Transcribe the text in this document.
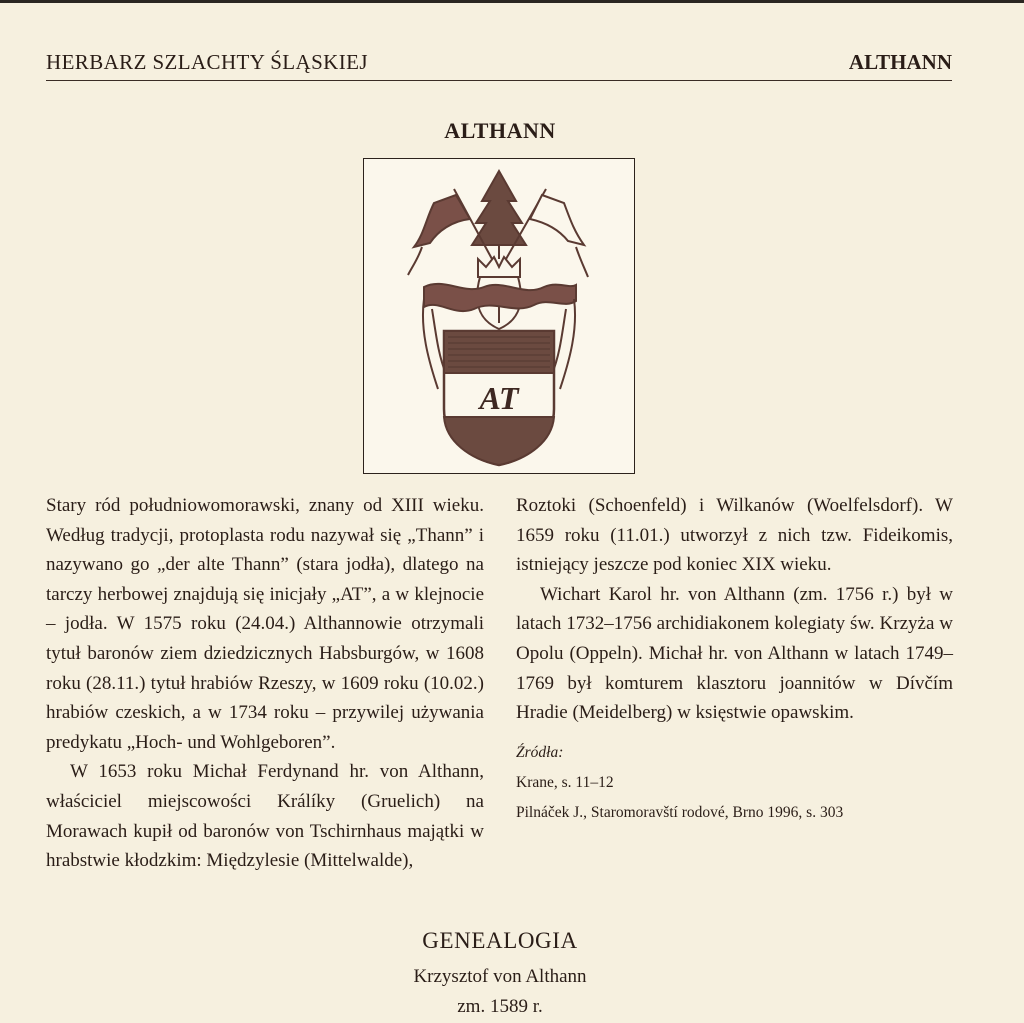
HERBARZ SZLACHTY ŚLĄSKIEJ	ALTHANN
ALTHANN
AT

Stary ród południowomorawski, znany od XIII wieku. Według tradycji, protoplasta rodu nazywał się „Thann” i nazywano go „der alte Thann” (stara jodła), dlatego na tarczy herbowej znajdują się inicjały „AT”, a w klejnocie – jodła. W 1575 roku (24.04.) Althannowie otrzymali tytuł baronów ziem dziedzicznych Habsburgów, w 1608 roku (28.11.) tytuł hrabiów Rzeszy, w 1609 roku (10.02.) hrabiów czeskich, a w 1734 roku – przywilej używania predykatu „Hoch- und Wohlgeboren”.

W 1653 roku Michał Ferdynand hr. von Althann, właściciel miejscowości Králíky (Gruelich) na Morawach kupił od baronów von Tschirnhaus majątki w hrabstwie kłodzkim: Międzylesie (Mittelwalde),

Roztoki (Schoenfeld) i Wilkanów (Woelfelsdorf). W 1659 roku (11.01.) utworzył z nich tzw. Fideikomis, istniejący jeszcze pod koniec XIX wieku.

Wichart Karol hr. von Althann (zm. 1756 r.) był w latach 1732–1756 archidiakonem kolegiaty św. Krzyża w Opolu (Oppeln). Michał hr. von Althann w latach 1749–1769 był komturem klasztoru joannitów w Dívčím Hradie (Meidelberg) w księstwie opawskim.

Źródła:
Krane, s. 11–12
Pilnáček J., Staromoravští rodové, Brno 1996, s. 303
GENEALOGIA
Krzysztof von Althann
zm. 1589 r.
